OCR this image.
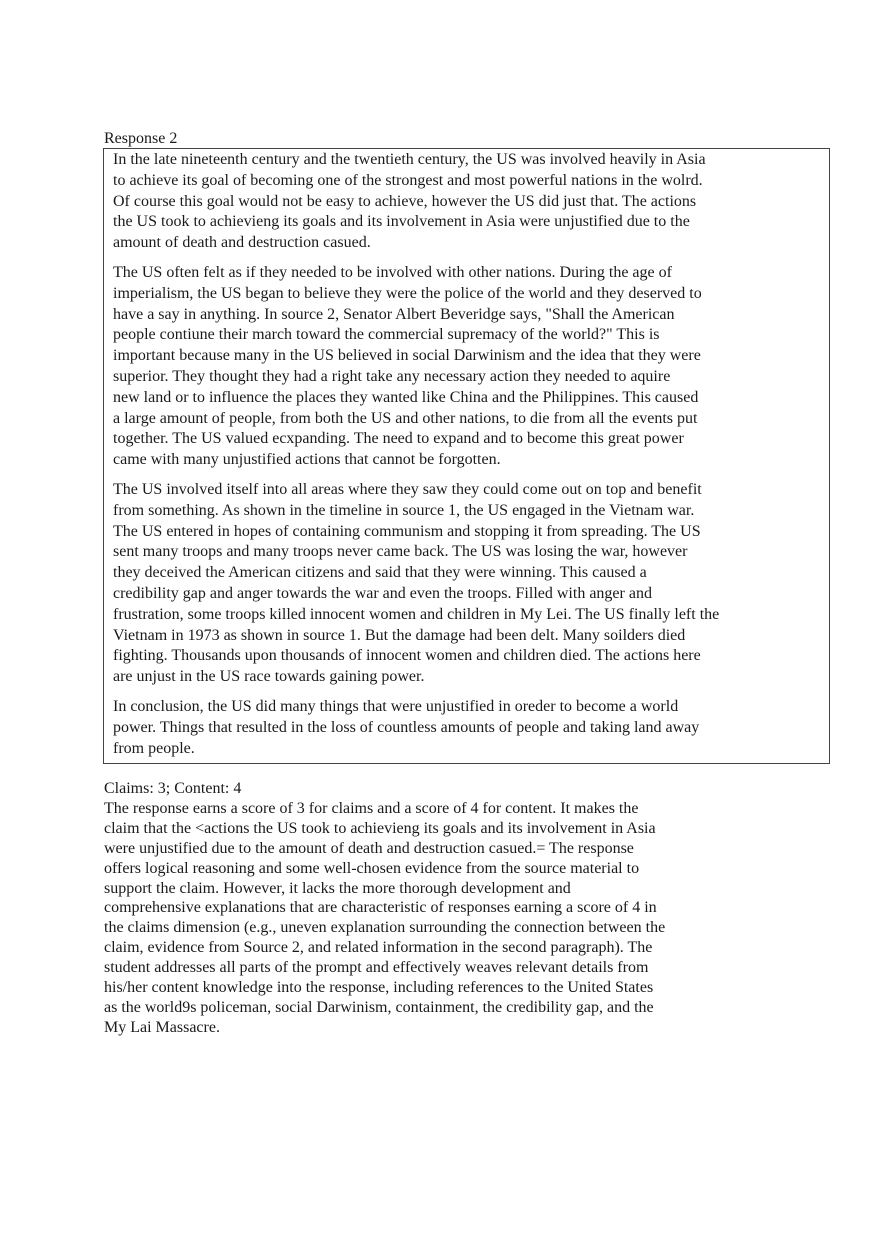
Response 2
In the late nineteenth century and the twentieth century, the US was involved heavily in Asia
to achieve its goal of becoming one of the strongest and most powerful nations in the wolrd.
Of course this goal would not be easy to achieve, however the US did just that. The actions
the US took to achievieng its goals and its involvement in Asia were unjustified due to the
amount of death and destruction casued.
The US often felt as if they needed to be involved with other nations. During the age of
imperialism, the US began to believe they were the police of the world and they deserved to
have a say in anything. In source 2, Senator Albert Beveridge says, "Shall the American
people contiune their march toward the commercial supremacy of the world?" This is
important because many in the US believed in social Darwinism and the idea that they were
superior. They thought they had a right take any necessary action they needed to aquire
new land or to influence the places they wanted like China and the Philippines. This caused
a large amount of people, from both the US and other nations, to die from all the events put
together. The US valued ecxpanding. The need to expand and to become this great power
came with many unjustified actions that cannot be forgotten.
The US involved itself into all areas where they saw they could come out on top and benefit
from something. As shown in the timeline in source 1, the US engaged in the Vietnam war.
The US entered in hopes of containing communism and stopping it from spreading. The US
sent many troops and many troops never came back. The US was losing the war, however
they deceived the American citizens and said that they were winning. This caused a
credibility gap and anger towards the war and even the troops. Filled with anger and
frustration, some troops killed innocent women and children in My Lei. The US finally left the
Vietnam in 1973 as shown in source 1. But the damage had been delt. Many soilders died
fighting. Thousands upon thousands of innocent women and children died. The actions here
are unjust in the US race towards gaining power.
In conclusion, the US did many things that were unjustified in oreder to become a world
power. Things that resulted in the loss of countless amounts of people and taking land away
from people.
Claims: 3; Content: 4
The response earns a score of 3 for claims and a score of 4 for content. It makes the
claim that the <actions the US took to achievieng its goals and its involvement in Asia
were unjustified due to the amount of death and destruction casued.= The response
offers logical reasoning and some well-chosen evidence from the source material to
support the claim. However, it lacks the more thorough development and
comprehensive explanations that are characteristic of responses earning a score of 4 in
the claims dimension (e.g., uneven explanation surrounding the connection between the
claim, evidence from Source 2, and related information in the second paragraph). The
student addresses all parts of the prompt and effectively weaves relevant details from
his/her content knowledge into the response, including references to the United States
as the world9s policeman, social Darwinism, containment, the credibility gap, and the
My Lai Massacre.
